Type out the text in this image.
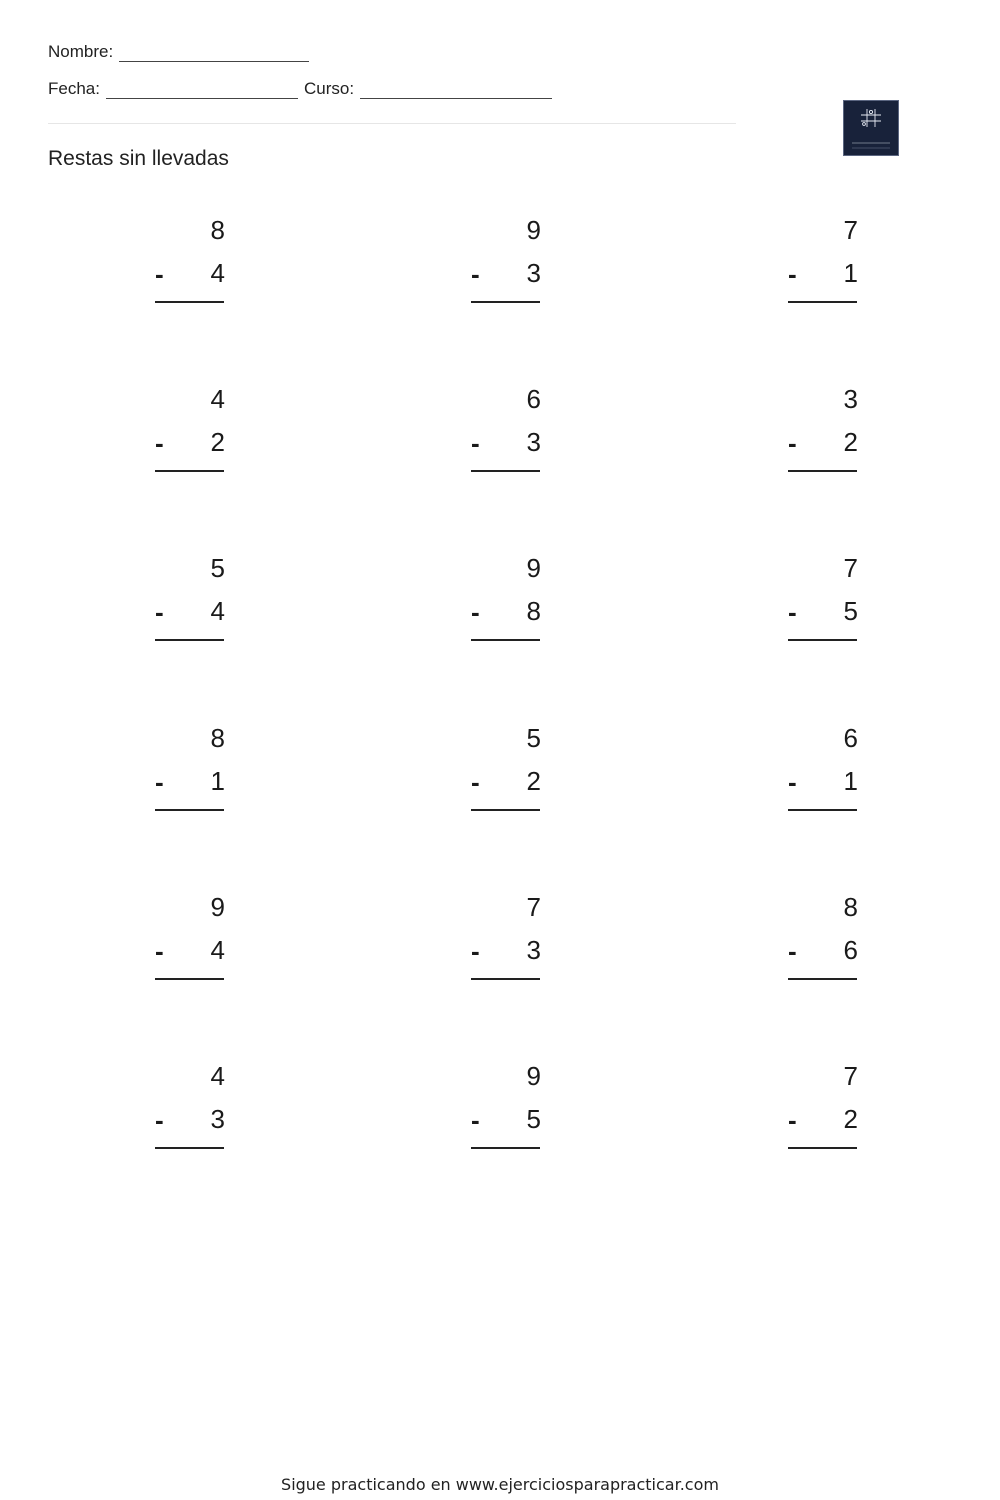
Nombre:
Fecha:	Curso:
Restas sin llevadas
8
- 4
9
- 3
7
- 1
4
- 2
6
- 3
3
- 2
5
- 4
9
- 8
7
- 5
8
- 1
5
- 2
6
- 1
9
- 4
7
- 3
8
- 6
4
- 3
9
- 5
7
- 2
Sigue practicando en www.ejerciciosparapracticar.com
